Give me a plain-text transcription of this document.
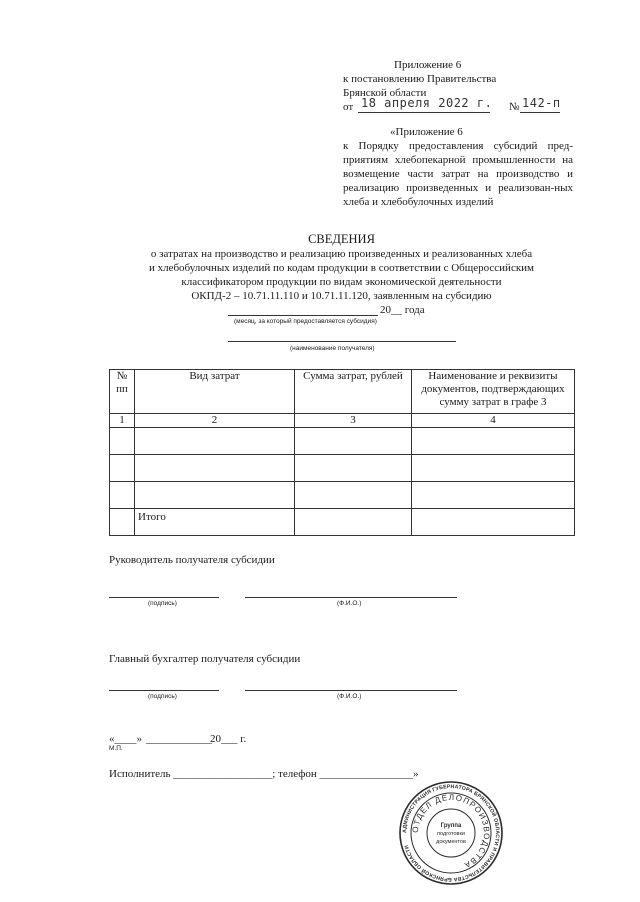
Приложение 6
к постановлению Правительства
Брянской области
от 18 апреля 2022 г. № 142-п
«Приложение 6
к Порядку предоставления субсидий пред-приятиям хлебопекарной промышленности на возмещение части затрат на производство и реализацию произведенных и реализован-ных хлеба и хлебобулочных изделий
СВЕДЕНИЯ
о затратах на производство и реализацию произведенных и реализованных хлеба
и хлебобулочных изделий по кодам продукции в соответствии с Общероссийским
классификатором продукции по видам экономической деятельности
ОКПД-2 – 10.71.11.110 и 10.71.11.120, заявленным на субсидию
20__ года
(месяц, за который предоставляется субсидия)
(наименование получателя)
№ пп	Вид затрат	Сумма затрат, рублей	Наименование и реквизиты документов, подтверждающих сумму затрат в графе 3
1	2	3	4

	Итого		
Руководитель получателя субсидии
(подпись)	(Ф.И.О.)
Главный бухгалтер получателя субсидии
(подпись)	(Ф.И.О.)
«____» ____________
20___ г.
М.П.
Исполнитель __________________; телефон _________________»
АДМИНИСТРАЦИЯ ГУБЕРНАТОРА БРЯНСКОЙ ОБЛАСТИ И ПРАВИТЕЛЬСТВА БРЯНСКОЙ ОБЛАСТИ
ОТДЕЛ ДЕЛОПРОИЗВОДСТВА
Группа
подготовки
документов
